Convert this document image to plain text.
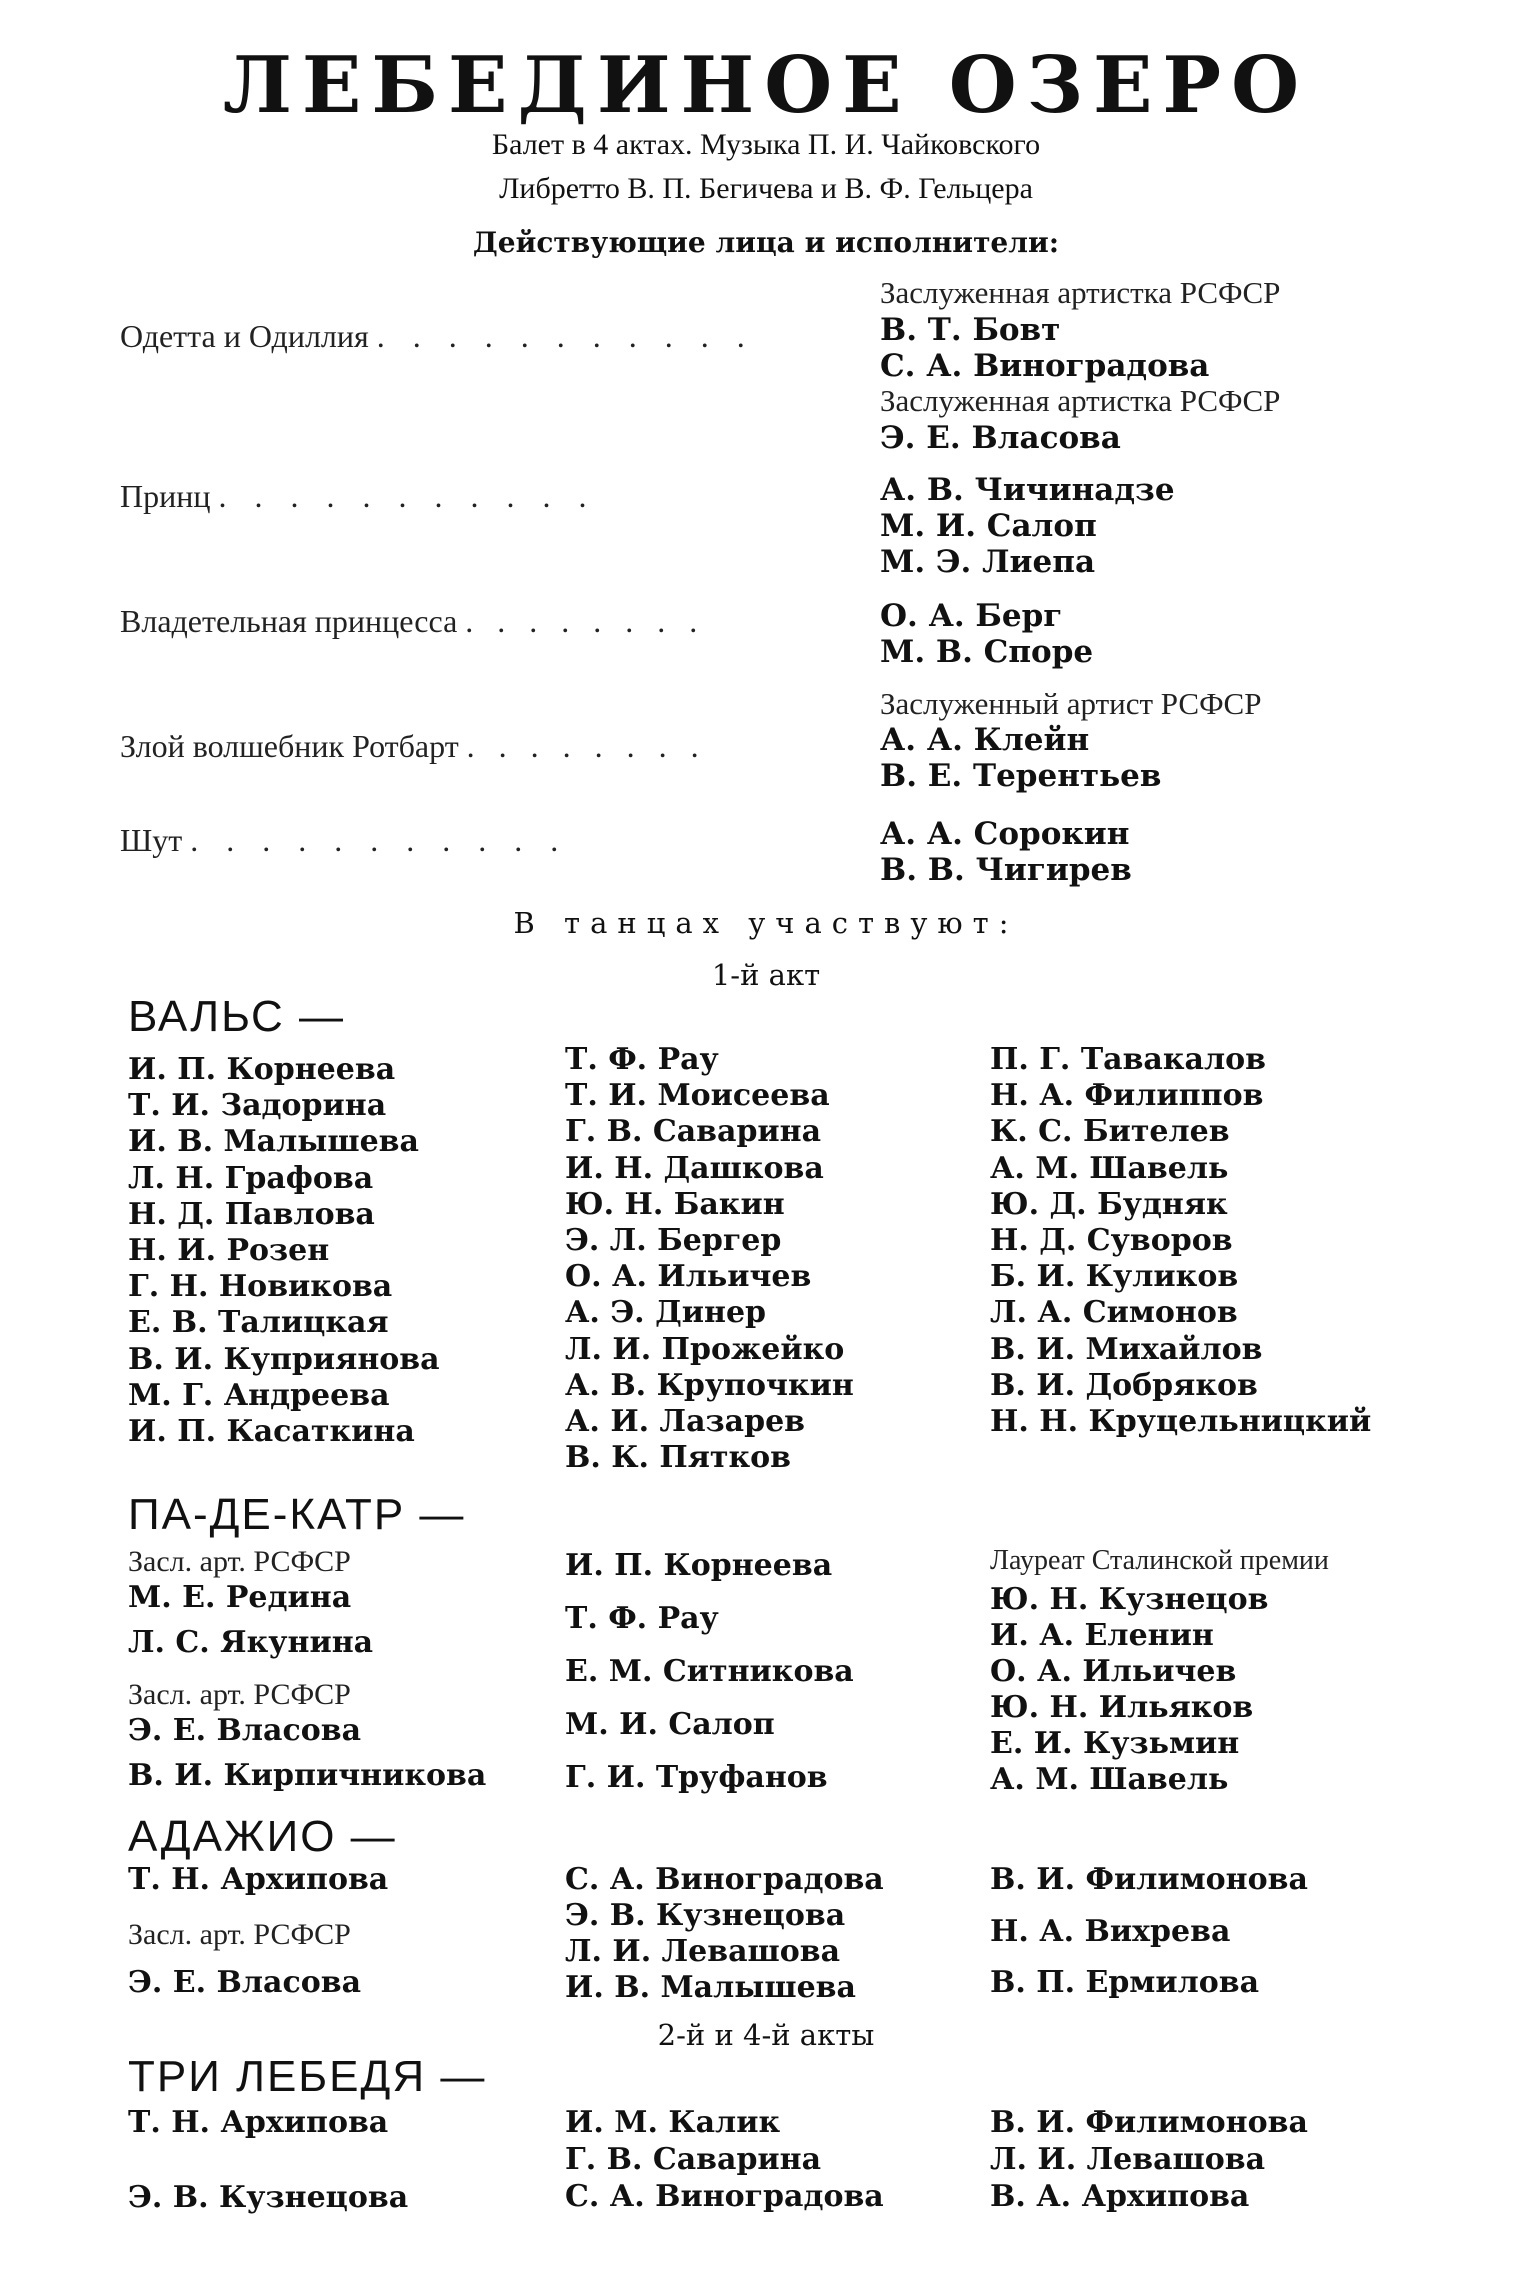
ЛЕБЕДИНОЕ ОЗЕРО
Балет в 4 актах. Музыка П. И. Чайковского
Либретто В. П. Бегичева и В. Ф. Гельцера
Действующие лица и исполнители:
Одетта и Одиллия . . . . . . . . . . .
Принц . . . . . . . . . . .
Владетельная принцесса . . . . . . . .
Злой волшебник Ротбарт . . . . . . . .
Шут . . . . . . . . . . .
Заслуженная артистка РСФСР
В. Т. Бовт
С. А. Виноградова
Заслуженная артистка РСФСР
Э. Е. Власова
А. В. Чичинадзе
М. И. Салоп
М. Э. Лиепа
О. А. Берг
М. В. Споре
Заслуженный артист РСФСР
А. А. Клейн
В. Е. Терентьев
А. А. Сорокин
В. В. Чигирев
В танцах участвуют:
1-й акт
ВАЛЬС —
И. П. Корнеева
Т. И. Задорина
И. В. Малышева
Л. Н. Графова
Н. Д. Павлова
Н. И. Розен
Г. Н. Новикова
Е. В. Талицкая
В. И. Куприянова
М. Г. Андреева
И. П. Касаткина
Т. Ф. Рау
Т. И. Моисеева
Г. В. Саварина
И. Н. Дашкова
Ю. Н. Бакин
Э. Л. Бергер
О. А. Ильичев
А. Э. Динер
Л. И. Прожейко
А. В. Крупочкин
А. И. Лазарев
В. К. Пятков
П. Г. Тавакалов
Н. А. Филиппов
К. С. Бителев
А. М. Шавель
Ю. Д. Будняк
Н. Д. Суворов
Б. И. Куликов
Л. А. Симонов
В. И. Михайлов
В. И. Добряков
Н. Н. Круцельницкий
ПА-ДЕ-КАТР —
Засл. арт. РСФСР
М. Е. Редина
Л. С. Якунина
Засл. арт. РСФСР
Э. Е. Власова
В. И. Кирпичникова
И. П. Корнеева
Т. Ф. Рау
Е. М. Ситникова
М. И. Салоп
Г. И. Труфанов
Лауреат Сталинской премии
Ю. Н. Кузнецов
И. А. Еленин
О. А. Ильичев
Ю. Н. Ильяков
Е. И. Кузьмин
А. М. Шавель
АДАЖИО —
Т. Н. Архипова
Засл. арт. РСФСР
Э. Е. Власова
С. А. Виноградова
Э. В. Кузнецова
Л. И. Левашова
И. В. Малышева
В. И. Филимонова
Н. А. Вихрева
В. П. Ермилова
2-й и 4-й акты
ТРИ ЛЕБЕДЯ —
Т. Н. Архипова
Э. В. Кузнецова
И. М. Калик
Г. В. Саварина
С. А. Виноградова
В. И. Филимонова
Л. И. Левашова
В. А. Архипова
